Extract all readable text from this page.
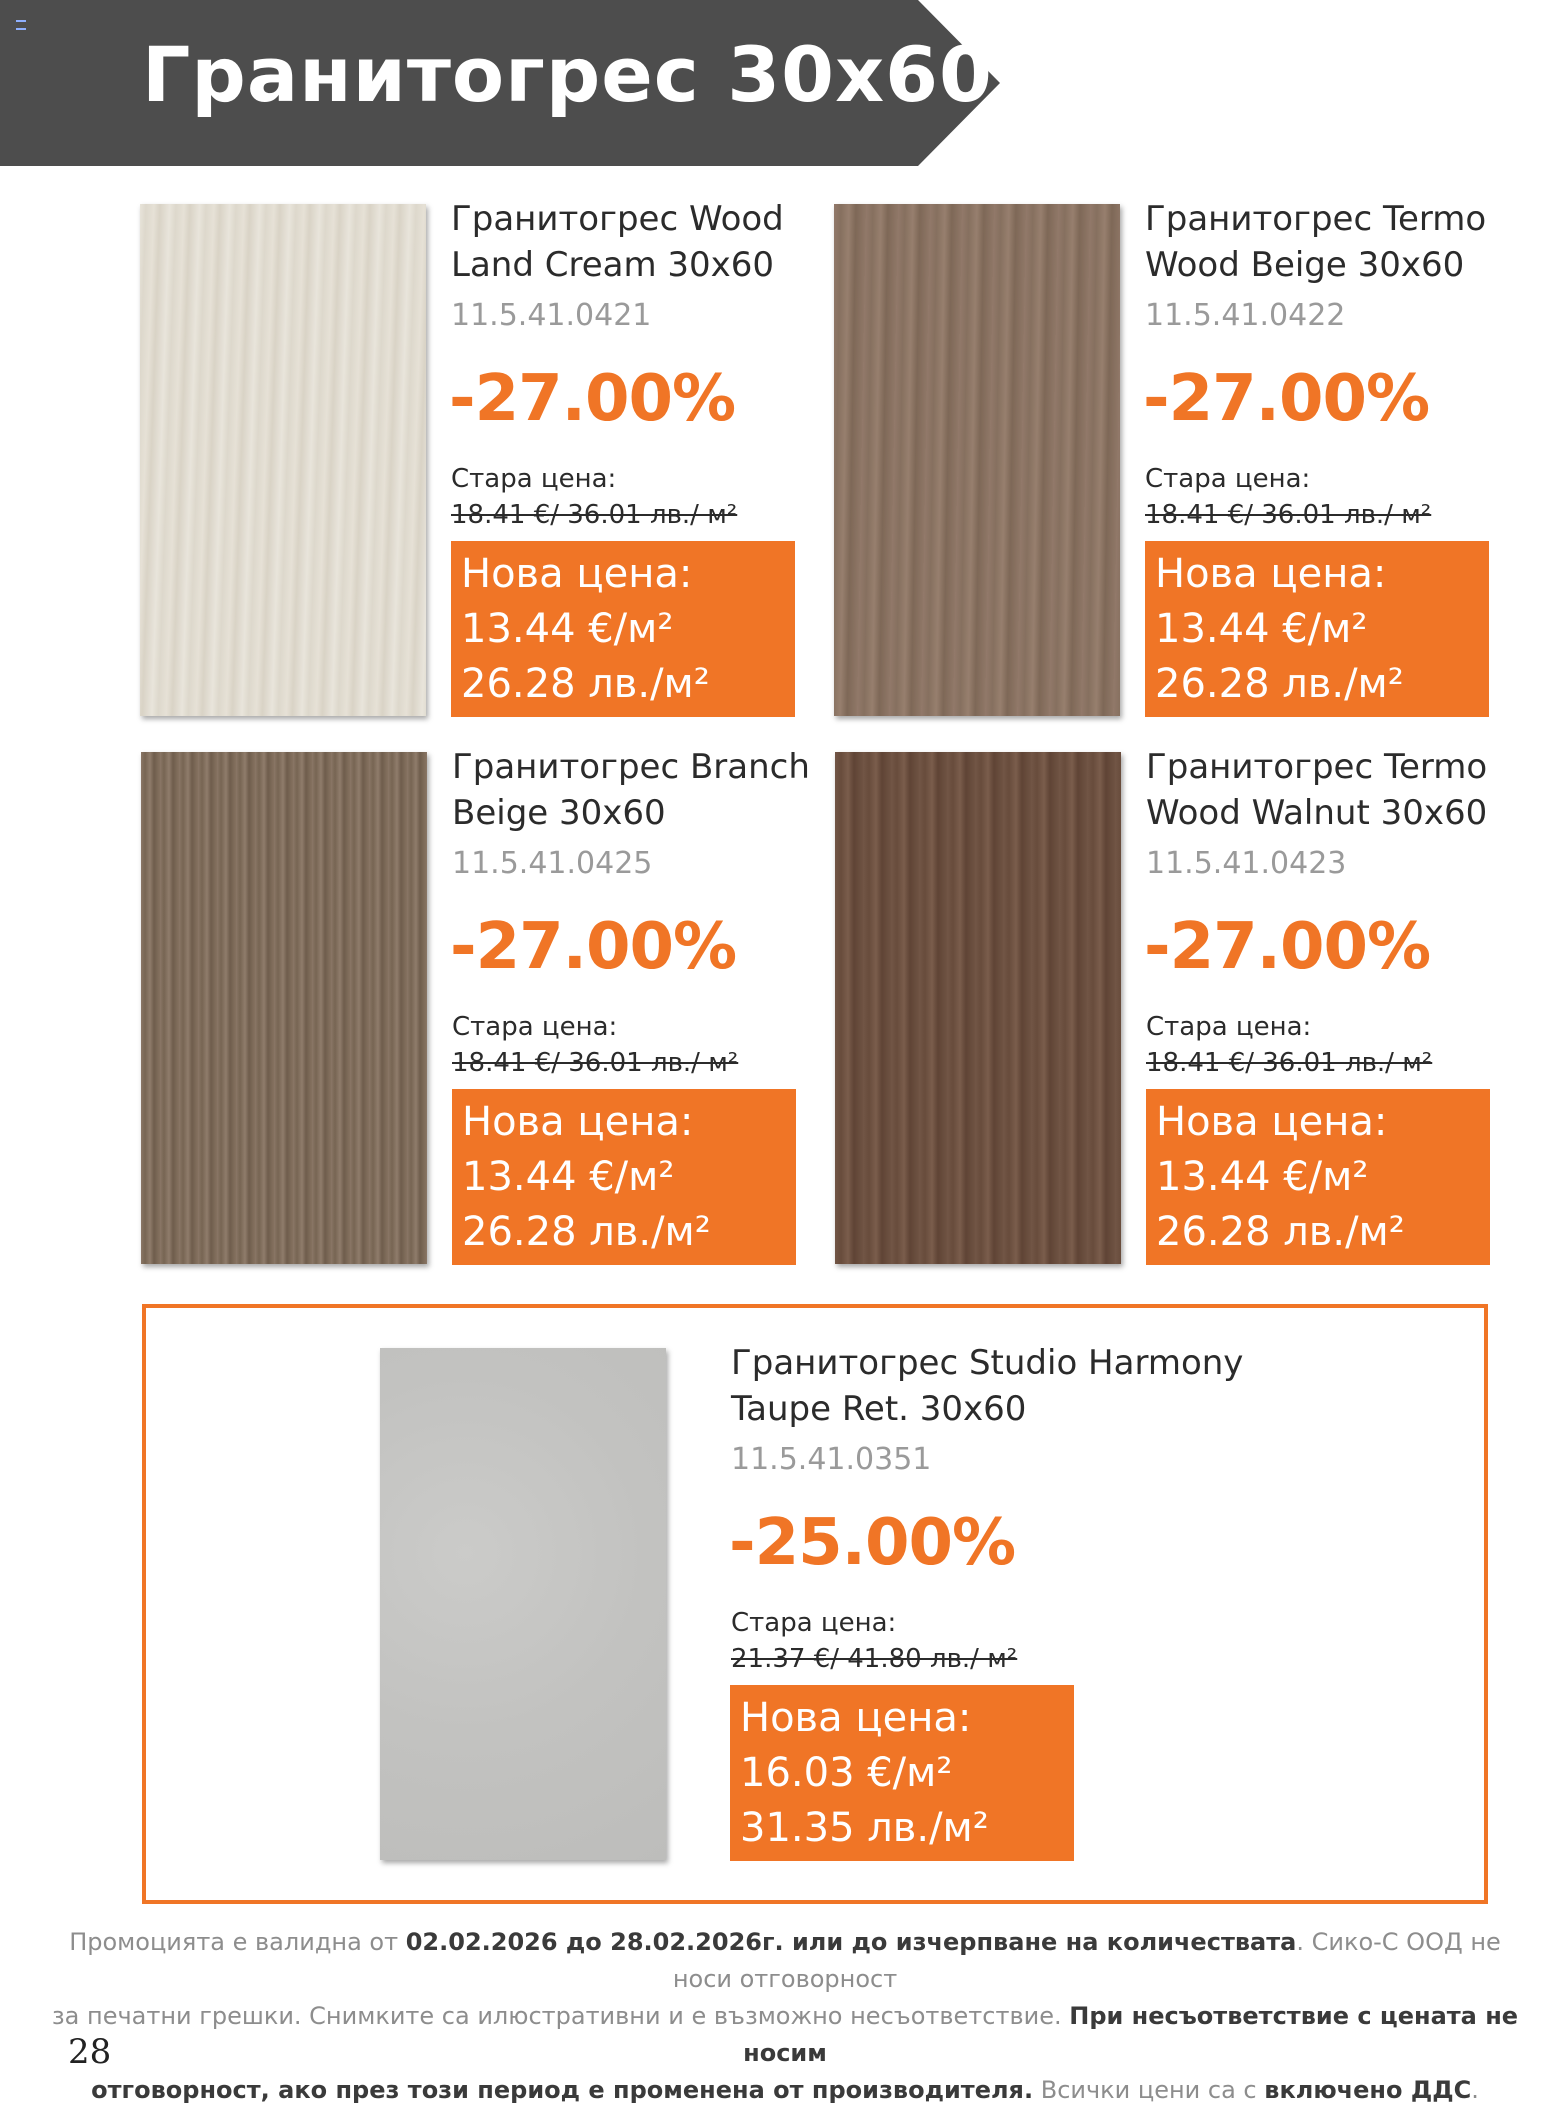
Гранитогрес 30x60
Гранитогрес Wood
Land Cream 30x60
11.5.41.0421
-27.00%
Стара цена:
18.41 €/ 36.01 лв./ м²
Нова цена:
13.44 €/м²
26.28 лв./м²
Гранитогрес Termo
Wood Beige 30x60
11.5.41.0422
-27.00%
Стара цена:
18.41 €/ 36.01 лв./ м²
Нова цена:
13.44 €/м²
26.28 лв./м²
Гранитогрес Branch
Beige 30x60
11.5.41.0425
-27.00%
Стара цена:
18.41 €/ 36.01 лв./ м²
Нова цена:
13.44 €/м²
26.28 лв./м²
Гранитогрес Termo
Wood Walnut 30x60
11.5.41.0423
-27.00%
Стара цена:
18.41 €/ 36.01 лв./ м²
Нова цена:
13.44 €/м²
26.28 лв./м²
Гранитогрес Studio Harmony
Taupe Ret. 30x60
11.5.41.0351
-25.00%
Стара цена:
21.37 €/ 41.80 лв./ м²
Нова цена:
16.03 €/м²
31.35 лв./м²
Промоцията е валидна от 02.02.2026 до 28.02.2026г. или до изчерпване на количествата. Сико-С ООД не носи отговорност
за печатни грешки. Снимките са илюстративни и е възможно несъответствие. При несъответствие с цената не носим
отговорност, ако през този период е променена от производителя. Всички цени са с включено ДДС.
28
